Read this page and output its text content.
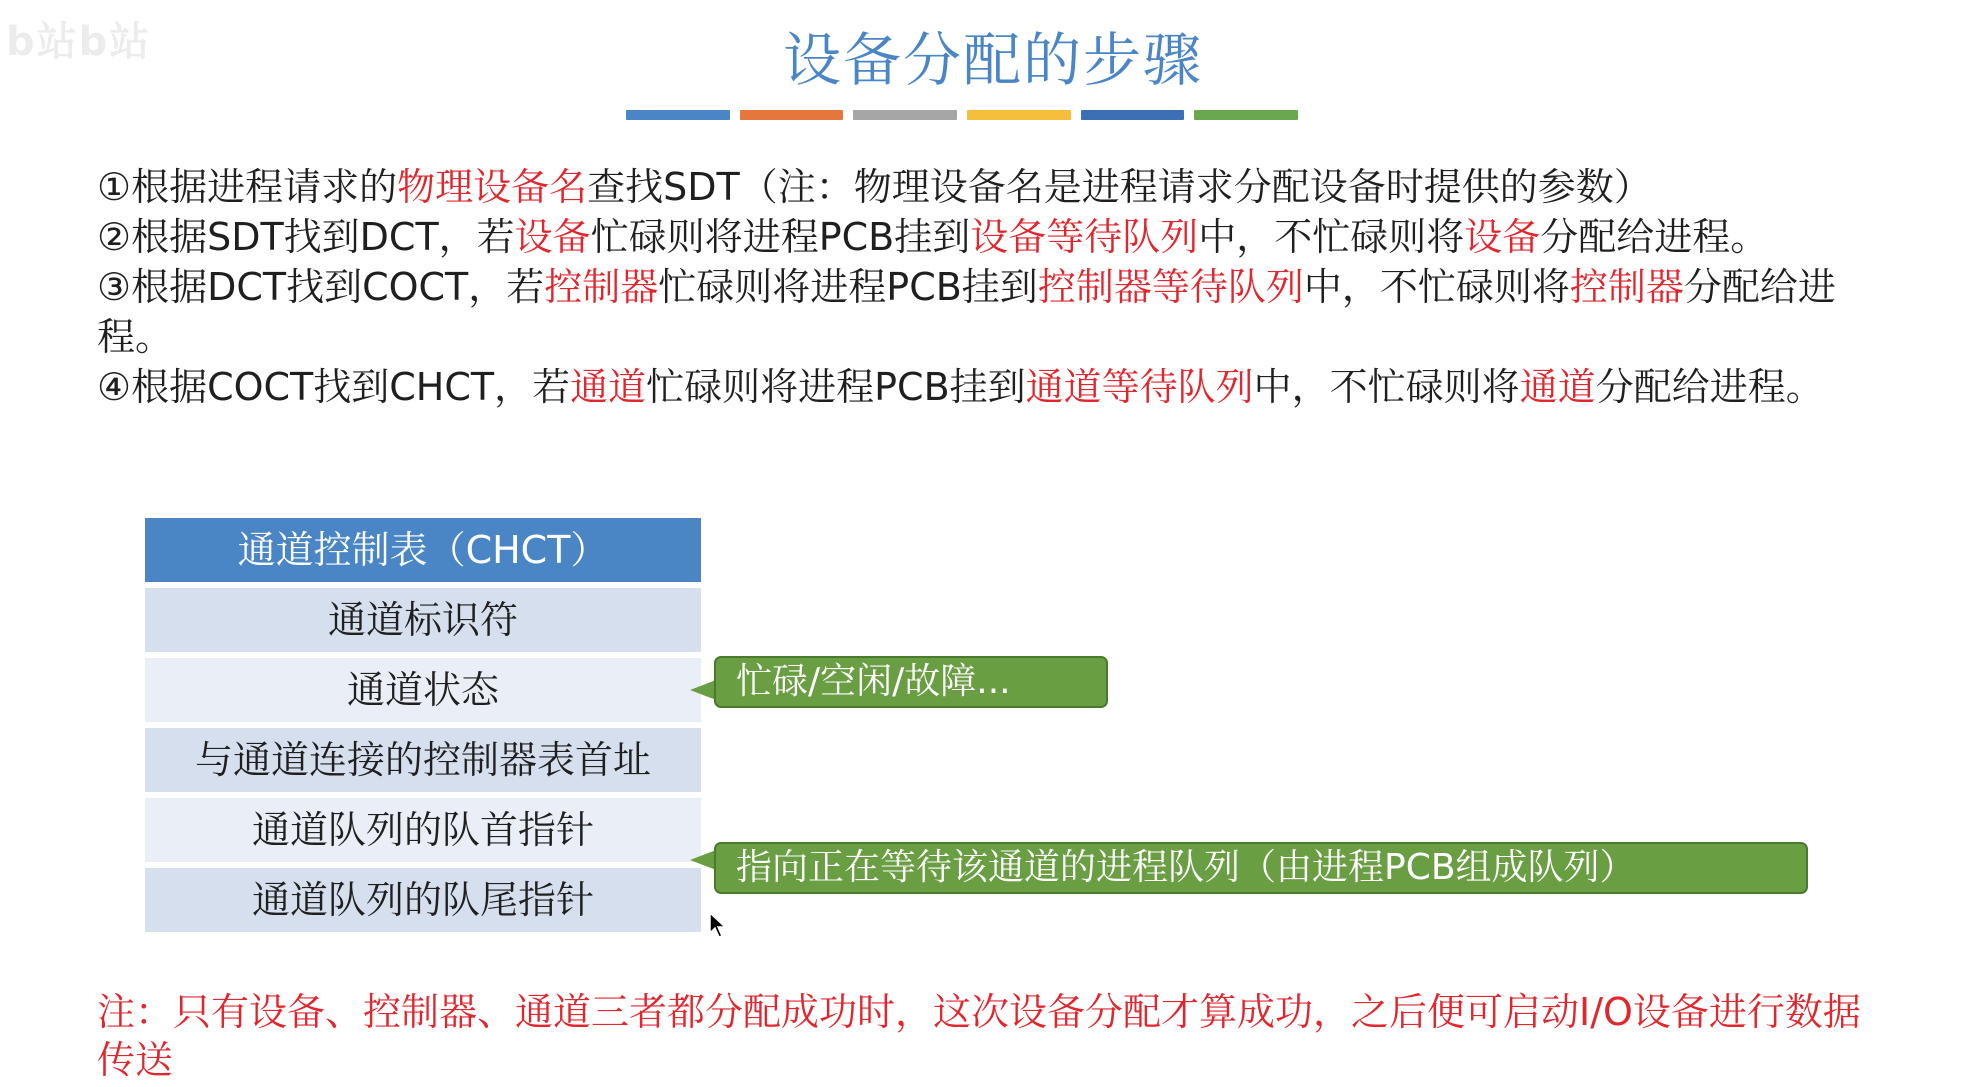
b站b站	设备分配的步骤

①根据进程请求的物理设备名查找SDT（注：物理设备名是进程请求分配设备时提供的参数）

②根据SDT找到DCT，若设备忙碌则将进程PCB挂到设备等待队列中，不忙碌则将设备分配给进程。

③根据DCT找到COCT，若控制器忙碌则将进程PCB挂到控制器等待队列中，不忙碌则将控制器分配给进程。

④根据COCT找到CHCT，若通道忙碌则将进程PCB挂到通道等待队列中，不忙碌则将通道分配给进程。

通道控制表（CHCT）
通道标识符
通道状态
与通道连接的控制器表首址
通道队列的队首指针
通道队列的队尾指针
忙碌/空闲/故障...
指向正在等待该通道的进程队列（由进程PCB组成队列）
注：只有设备、控制器、通道三者都分配成功时，这次设备分配才算成功，之后便可启动I/O设备进行数据传送
